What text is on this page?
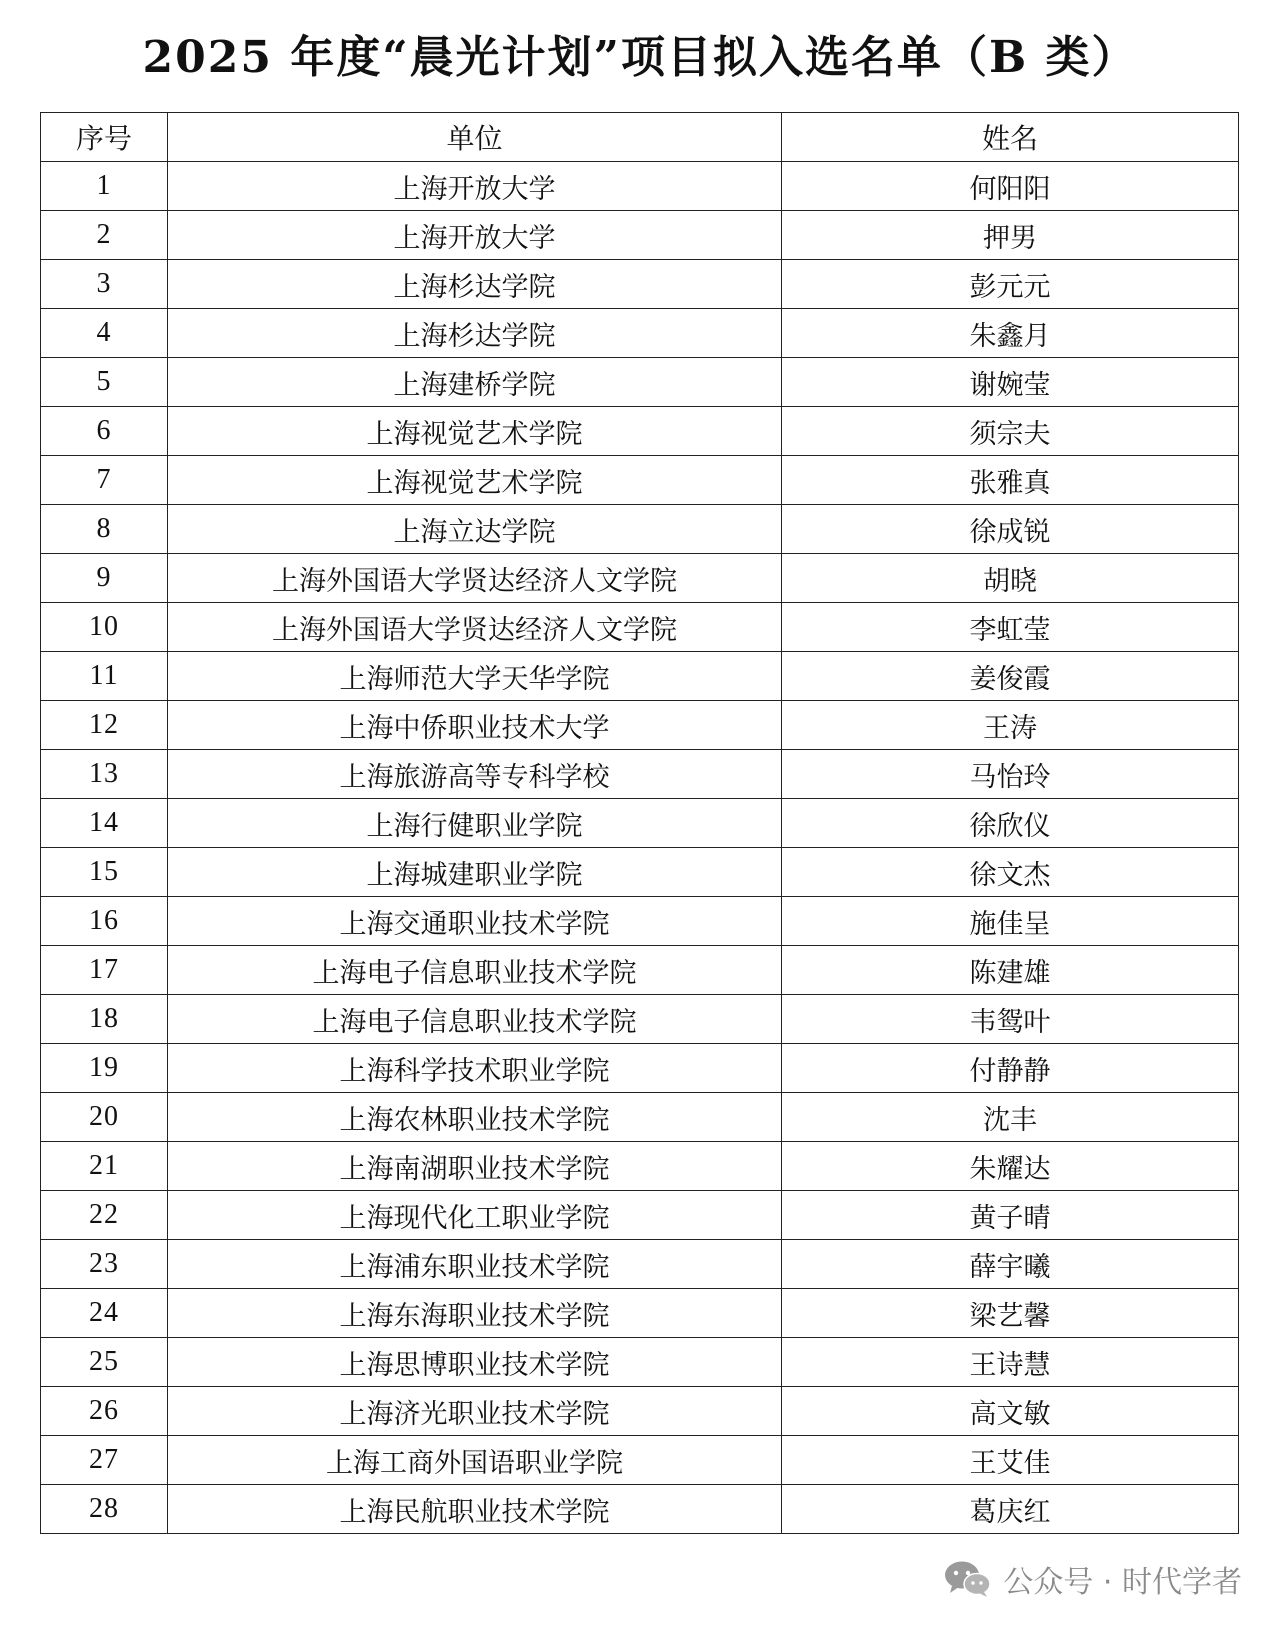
2025 年度“晨光计划”项目拟入选名单（B 类）
序号	单位	姓名
1	上海开放大学	何阳阳
2	上海开放大学	押男
3	上海杉达学院	彭元元
4	上海杉达学院	朱鑫月
5	上海建桥学院	谢婉莹
6	上海视觉艺术学院	须宗夫
7	上海视觉艺术学院	张雅真
8	上海立达学院	徐成锐
9	上海外国语大学贤达经济人文学院	胡晓
10	上海外国语大学贤达经济人文学院	李虹莹
11	上海师范大学天华学院	姜俊霞
12	上海中侨职业技术大学	王涛
13	上海旅游高等专科学校	马怡玲
14	上海行健职业学院	徐欣仪
15	上海城建职业学院	徐文杰
16	上海交通职业技术学院	施佳呈
17	上海电子信息职业技术学院	陈建雄
18	上海电子信息职业技术学院	韦鸳叶
19	上海科学技术职业学院	付静静
20	上海农林职业技术学院	沈丰
21	上海南湖职业技术学院	朱耀达
22	上海现代化工职业学院	黄子晴
23	上海浦东职业技术学院	薛宇曦
24	上海东海职业技术学院	梁艺馨
25	上海思博职业技术学院	王诗慧
26	上海济光职业技术学院	高文敏
27	上海工商外国语职业学院	王艾佳
28	上海民航职业技术学院	葛庆红
公众号 · 时代学者
